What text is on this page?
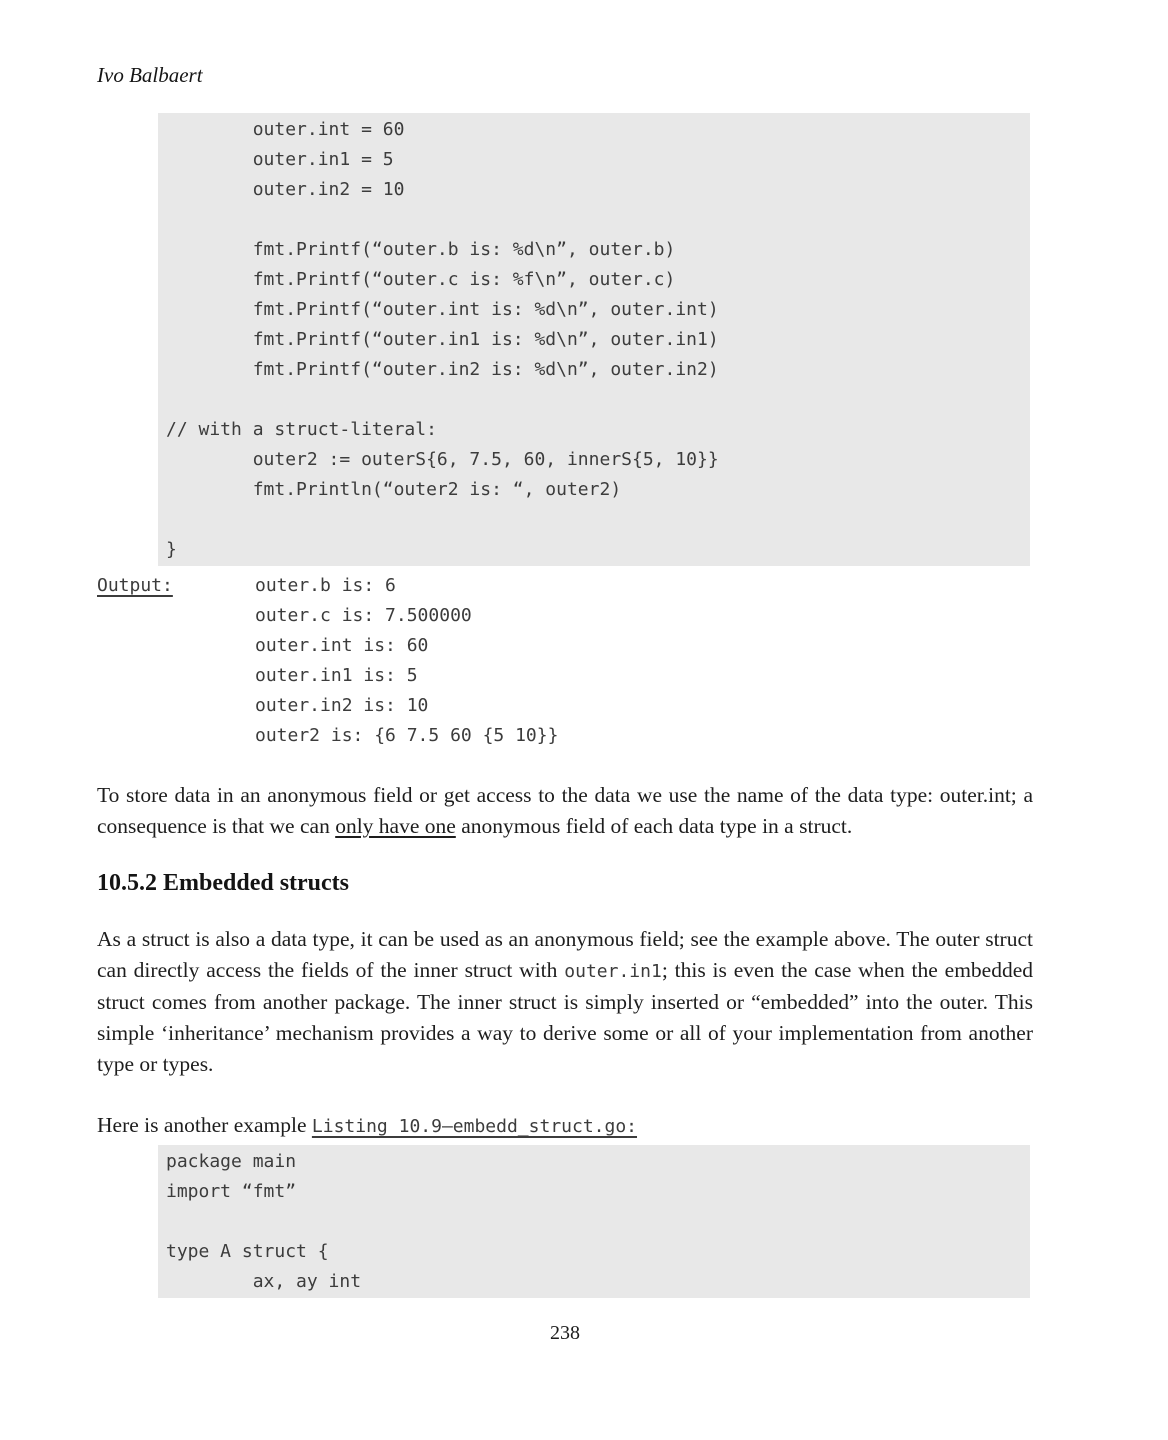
Ivo Balbaert
outer.int = 60
outer.in1 = 5
outer.in2 = 10

fmt.Printf(“outer.b is: %d\n”, outer.b)
fmt.Printf(“outer.c is: %f\n”, outer.c)
fmt.Printf(“outer.int is: %d\n”, outer.int)
fmt.Printf(“outer.in1 is: %d\n”, outer.in1)
fmt.Printf(“outer.in2 is: %d\n”, outer.in2)

// with a struct-literal:
outer2 := outerS{6, 7.5, 60, innerS{5, 10}}
fmt.Println(“outer2 is: “, outer2)

}
Output:	outer.b is: 6
outer.c is: 7.500000
outer.int is: 60
outer.in1 is: 5
outer.in2 is: 10
outer2 is: {6 7.5 60 {5 10}}

To store data in an anonymous field or get access to the data we use the name of the data type: outer.int; a consequence is that we can only have one anonymous field of each data type in a struct.

10.5.2 Embedded structs

As a struct is also a data type, it can be used as an anonymous field; see the example above. The outer struct can directly access the fields of the inner struct with outer.in1; this is even the case when the embedded struct comes from another package. The inner struct is simply inserted or “embedded” into the outer. This simple ‘inheritance’ mechanism provides a way to derive some or all of your implementation from another type or types.

Here is another example Listing 10.9—embedd_struct.go:

package main
import “fmt”

type A struct {
ax, ay int
238
